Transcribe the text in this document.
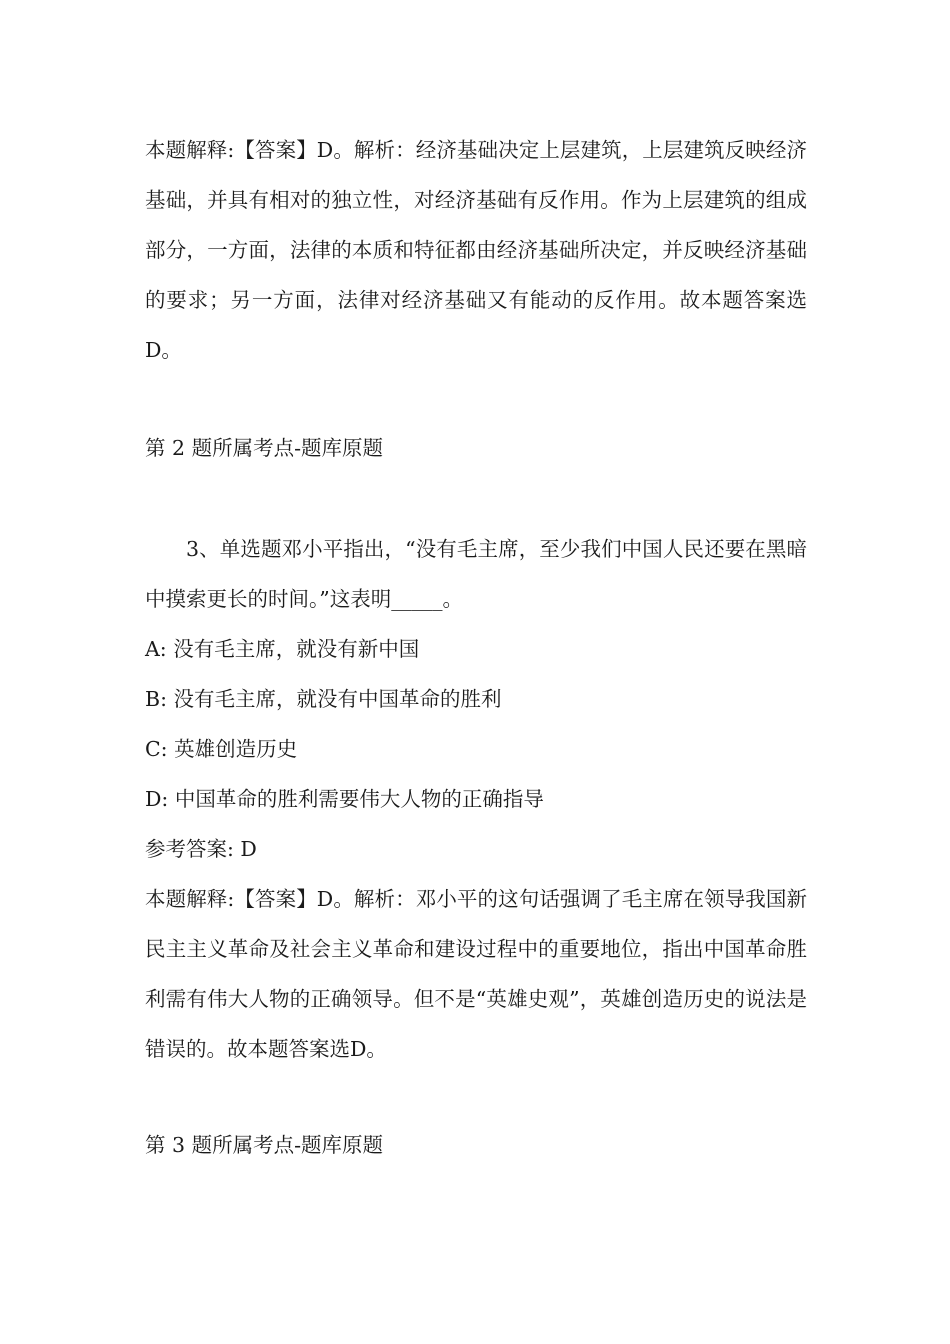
本题解释:【答案】D。解析：经济基础决定上层建筑，上层建筑反映经济基础，并具有相对的独立性，对经济基础有反作用。作为上层建筑的组成部分，一方面，法律的本质和特征都由经济基础所决定，并反映经济基础的要求；另一方面，法律对经济基础又有能动的反作用。故本题答案选D。

第 2 题所属考点-题库原题

3、单选题邓小平指出，“没有毛主席，至少我们中国人民还要在黑暗中摸索更长的时间。”这表明_____。

A: 没有毛主席，就没有新中国

B: 没有毛主席，就没有中国革命的胜利

C: 英雄创造历史

D: 中国革命的胜利需要伟大人物的正确指导

参考答案: D

本题解释:【答案】D。解析：邓小平的这句话强调了毛主席在领导我国新民主主义革命及社会主义革命和建设过程中的重要地位，指出中国革命胜利需有伟大人物的正确领导。但不是“英雄史观”，英雄创造历史的说法是错误的。故本题答案选D。

第 3 题所属考点-题库原题
